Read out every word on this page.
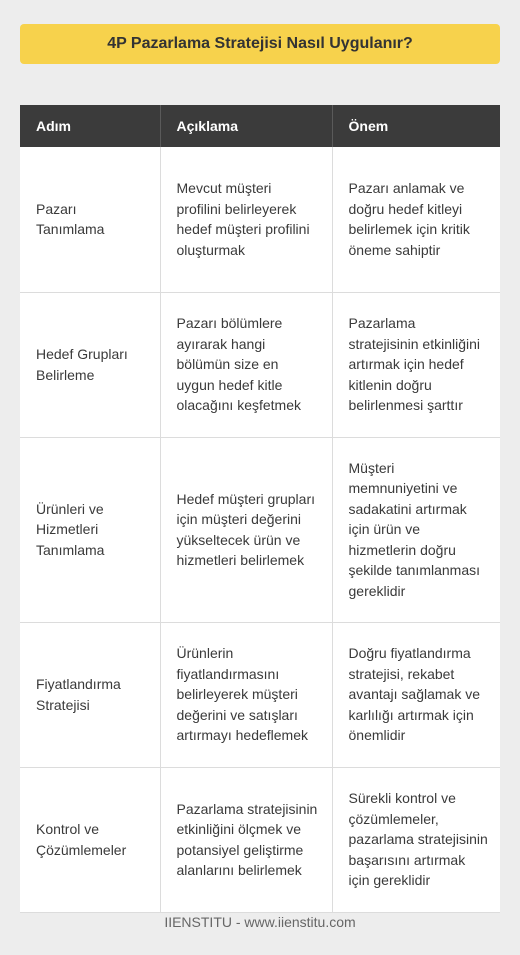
4P Pazarlama Stratejisi Nasıl Uygulanır?
Adım	Açıklama	Önem
Pazarı Tanımlama	Mevcut müşteri profilini belirleyerek hedef müşteri profilini oluşturmak	Pazarı anlamak ve doğru hedef kitleyi belirlemek için kritik öneme sahiptir
Hedef Grupları Belirleme	Pazarı bölümlere ayırarak hangi bölümün size en uygun hedef kitle olacağını keşfetmek	Pazarlama stratejisinin etkinliğini artırmak için hedef kitlenin doğru belirlenmesi şarttır
Ürünleri ve Hizmetleri Tanımlama	Hedef müşteri grupları için müşteri değerini yükseltecek ürün ve hizmetleri belirlemek	Müşteri memnuniyetini ve sadakatini artırmak için ürün ve hizmetlerin doğru şekilde tanımlanması gereklidir
Fiyatlandırma Stratejisi	Ürünlerin fiyatlandırmasını belirleyerek müşteri değerini ve satışları artırmayı hedeflemek	Doğru fiyatlandırma stratejisi, rekabet avantajı sağlamak ve karlılığı artırmak için önemlidir
Kontrol ve Çözümlemeler	Pazarlama stratejisinin etkinliğini ölçmek ve potansiyel geliştirme alanlarını belirlemek	Sürekli kontrol ve çözümlemeler, pazarlama stratejisinin başarısını artırmak için gereklidir
IIENSTITU - www.iienstitu.com
